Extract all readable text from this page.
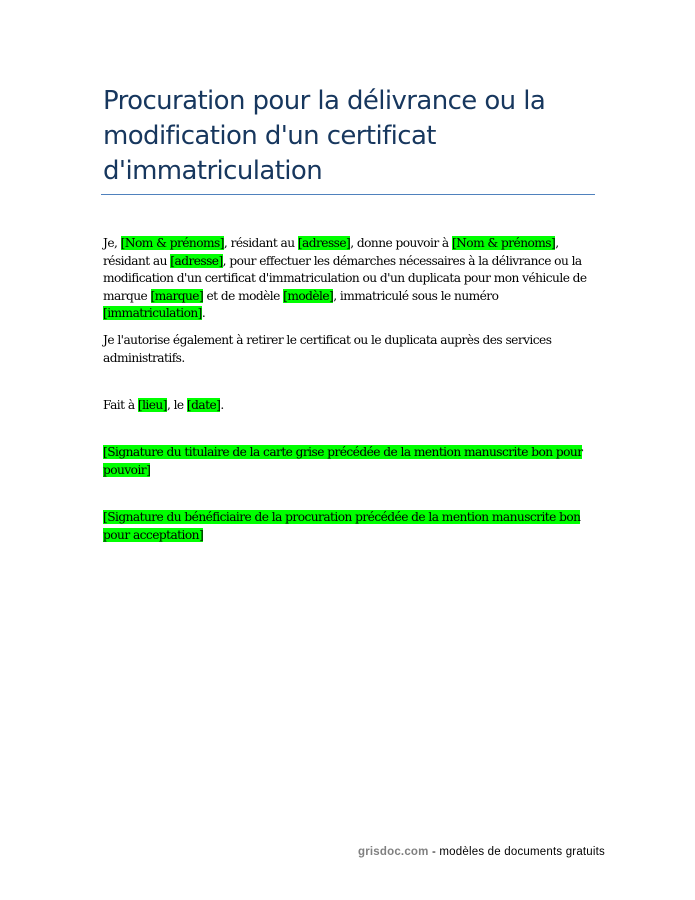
Procuration pour la délivrance ou la modification d'un certificat d'immatriculation

Je, [Nom & prénoms], résidant au [adresse], donne pouvoir à [Nom & prénoms], résidant au [adresse], pour effectuer les démarches nécessaires à la délivrance ou la modification d'un certificat d'immatriculation ou d'un duplicata pour mon véhicule de marque [marque] et de modèle [modèle], immatriculé sous le numéro [immatriculation].

Je l'autorise également à retirer le certificat ou le duplicata auprès des services administratifs.

Fait à [lieu], le [date].

[Signature du titulaire de la carte grise précédée de la mention manuscrite bon pour pouvoir]

[Signature du bénéficiaire de la procuration précédée de la mention manuscrite bon pour acceptation]

grisdoc.com - modèles de documents gratuits
